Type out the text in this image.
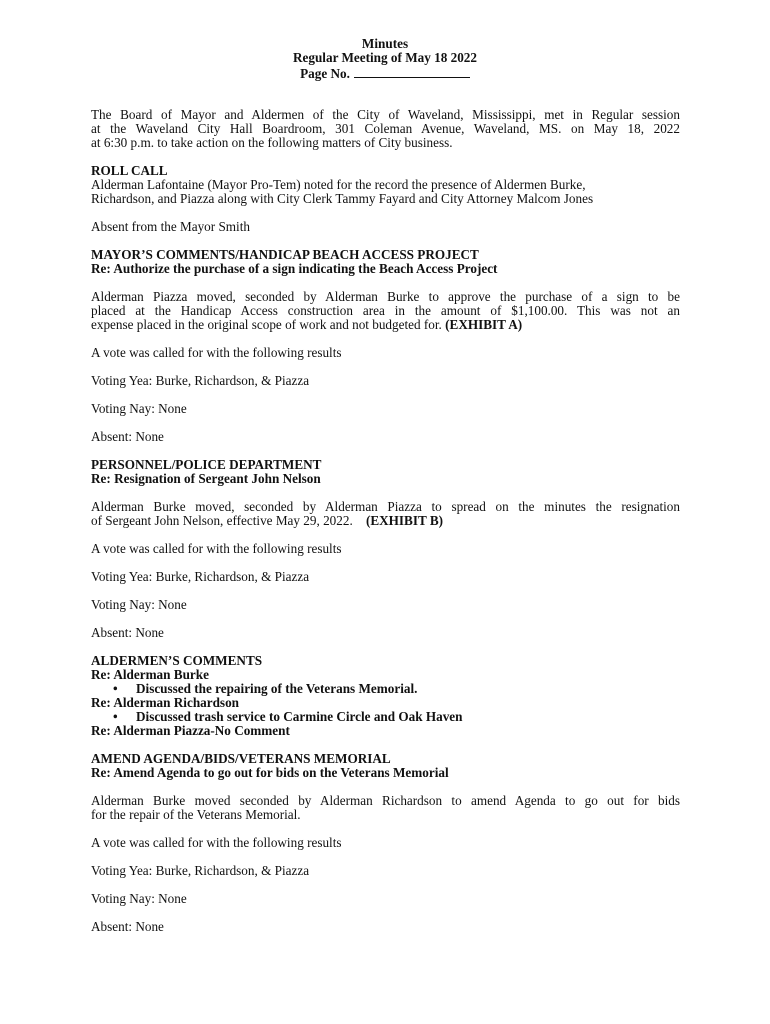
Minutes
Regular Meeting of May 18 2022
Page No.
The Board of Mayor and Aldermen of the City of Waveland, Mississippi, met in Regular session
at the Waveland City Hall Boardroom, 301 Coleman Avenue, Waveland, MS. on May 18, 2022
at 6:30 p.m. to take action on the following matters of City business.
ROLL CALL
Alderman Lafontaine (Mayor Pro-Tem) noted for the record the presence of Aldermen Burke,
Richardson, and Piazza along with City Clerk Tammy Fayard and City Attorney Malcom Jones
Absent from the Mayor Smith
MAYOR’S COMMENTS/HANDICAP BEACH ACCESS PROJECT
Re: Authorize the purchase of a sign indicating the Beach Access Project
Alderman Piazza moved, seconded by Alderman Burke to approve the purchase of a sign to be
placed at the Handicap Access construction area in the amount of $1,100.00. This was not an
expense placed in the original scope of work and not budgeted for. (EXHIBIT A)
A vote was called for with the following results
Voting Yea: Burke, Richardson, & Piazza
Voting Nay: None
Absent: None
PERSONNEL/POLICE DEPARTMENT
Re: Resignation of Sergeant John Nelson
Alderman Burke moved, seconded by Alderman Piazza to spread on the minutes the resignation
of Sergeant John Nelson, effective May 29, 2022. (EXHIBIT B)
A vote was called for with the following results
Voting Yea: Burke, Richardson, & Piazza
Voting Nay: None
Absent: None
ALDERMEN’S COMMENTS
Re: Alderman Burke
• Discussed the repairing of the Veterans Memorial.
Re: Alderman Richardson
• Discussed trash service to Carmine Circle and Oak Haven
Re: Alderman Piazza-No Comment
AMEND AGENDA/BIDS/VETERANS MEMORIAL
Re: Amend Agenda to go out for bids on the Veterans Memorial
Alderman Burke moved seconded by Alderman Richardson to amend Agenda to go out for bids
for the repair of the Veterans Memorial.
A vote was called for with the following results
Voting Yea: Burke, Richardson, & Piazza
Voting Nay: None
Absent: None
